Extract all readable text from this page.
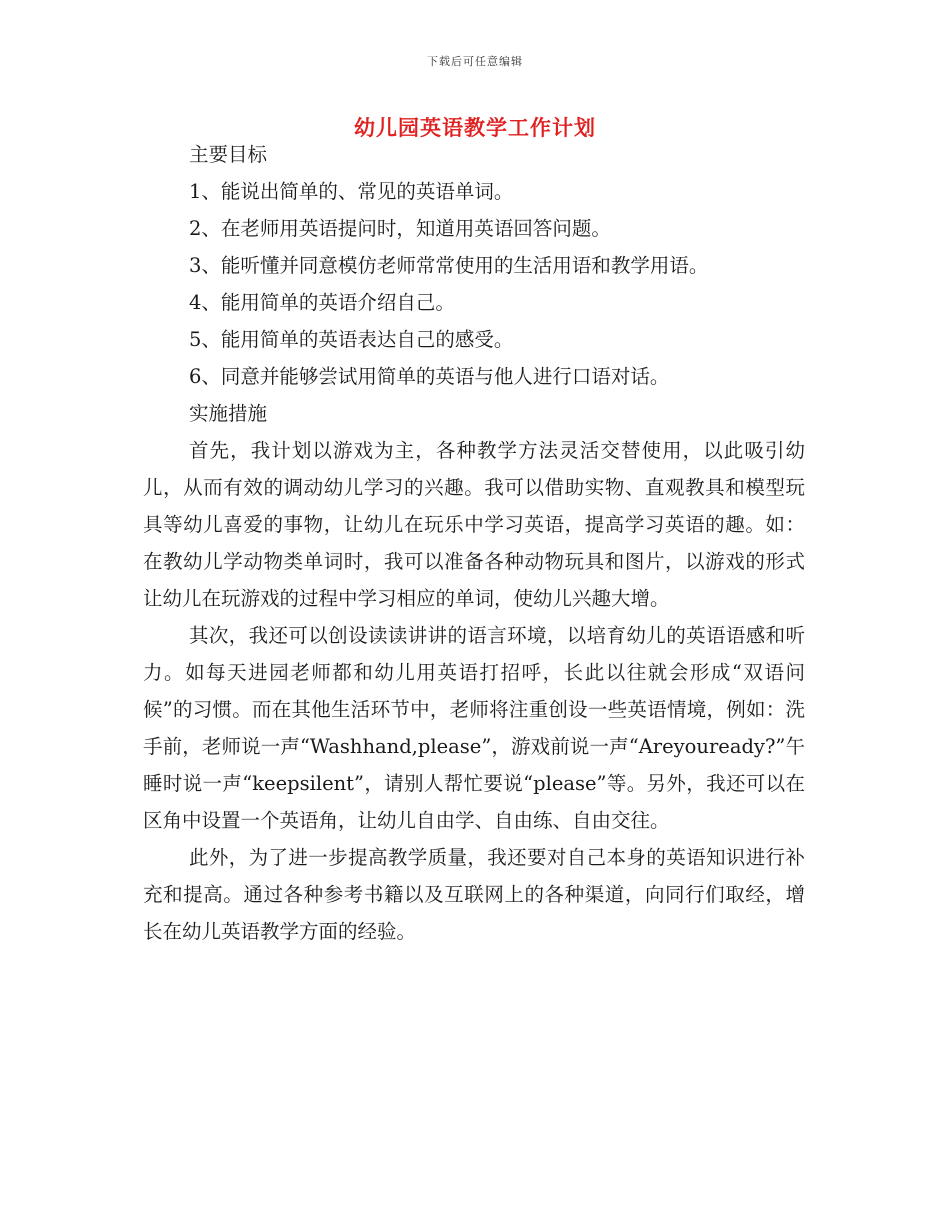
下载后可任意编辑
幼儿园英语教学工作计划

主要目标

1、能说出简单的、常见的英语单词。

2、在老师用英语提问时，知道用英语回答问题。

3、能听懂并同意模仿老师常常使用的生活用语和教学用语。

4、能用简单的英语介绍自己。

5、能用简单的英语表达自己的感受。

6、同意并能够尝试用简单的英语与他人进行口语对话。

实施措施

首先，我计划以游戏为主，各种教学方法灵活交替使用，以此吸引幼儿，从而有效的调动幼儿学习的兴趣。我可以借助实物、直观教具和模型玩具等幼儿喜爱的事物，让幼儿在玩乐中学习英语，提高学习英语的趣。如：在教幼儿学动物类单词时，我可以准备各种动物玩具和图片，以游戏的形式让幼儿在玩游戏的过程中学习相应的单词，使幼儿兴趣大增。

其次，我还可以创设读读讲讲的语言环境，以培育幼儿的英语语感和听力。如每天进园老师都和幼儿用英语打招呼，长此以往就会形成“双语问候”的习惯。而在其他生活环节中，老师将注重创设一些英语情境，例如：洗手前，老师说一声“Washhand,please”，游戏前说一声“Areyouready?”午睡时说一声“keepsilent”，请别人帮忙要说“please”等。另外，我还可以在区角中设置一个英语角，让幼儿自由学、自由练、自由交往。

此外，为了进一步提高教学质量，我还要对自己本身的英语知识进行补充和提高。通过各种参考书籍以及互联网上的各种渠道，向同行们取经，增长在幼儿英语教学方面的经验。
